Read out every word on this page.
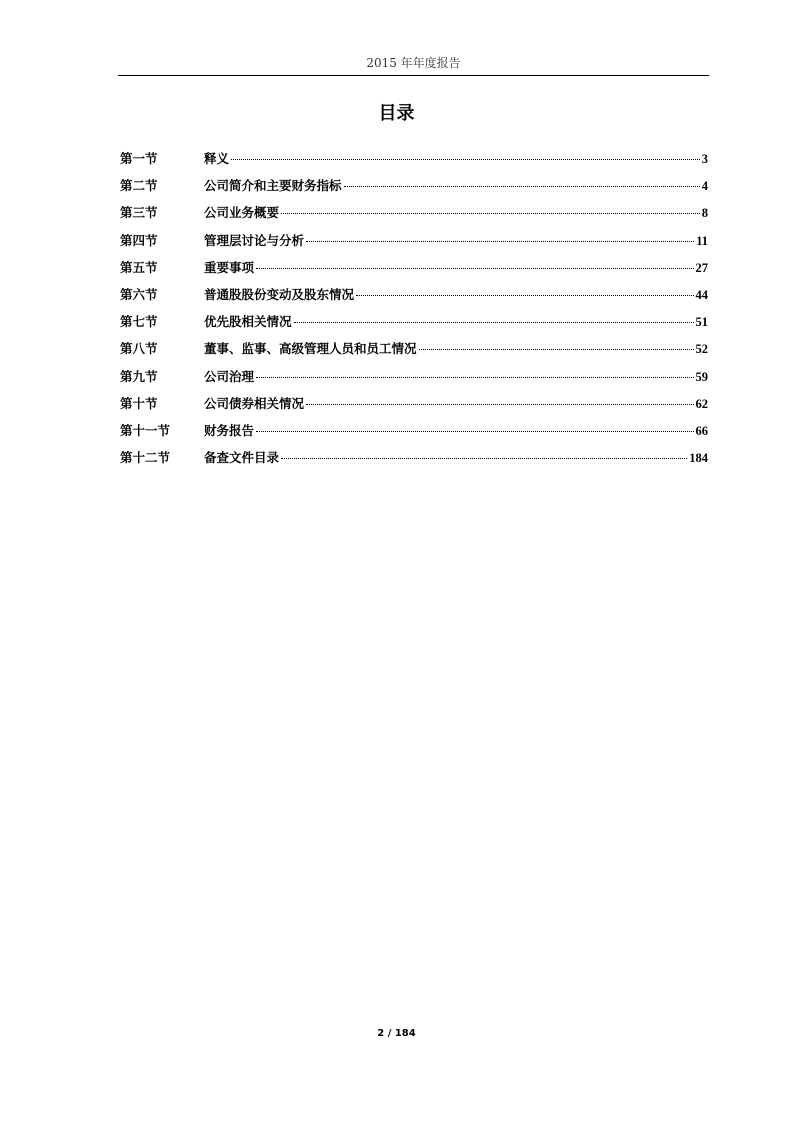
2015 年年度报告
目录
第一节	释义	3
第二节	公司简介和主要财务指标	4
第三节	公司业务概要	8
第四节	管理层讨论与分析	11
第五节	重要事项	27
第六节	普通股股份变动及股东情况	44
第七节	优先股相关情况	51
第八节	董事、监事、高级管理人员和员工情况	52
第九节	公司治理	59
第十节	公司债券相关情况	62
第十一节	财务报告	66
第十二节	备查文件目录	184
2 / 184
